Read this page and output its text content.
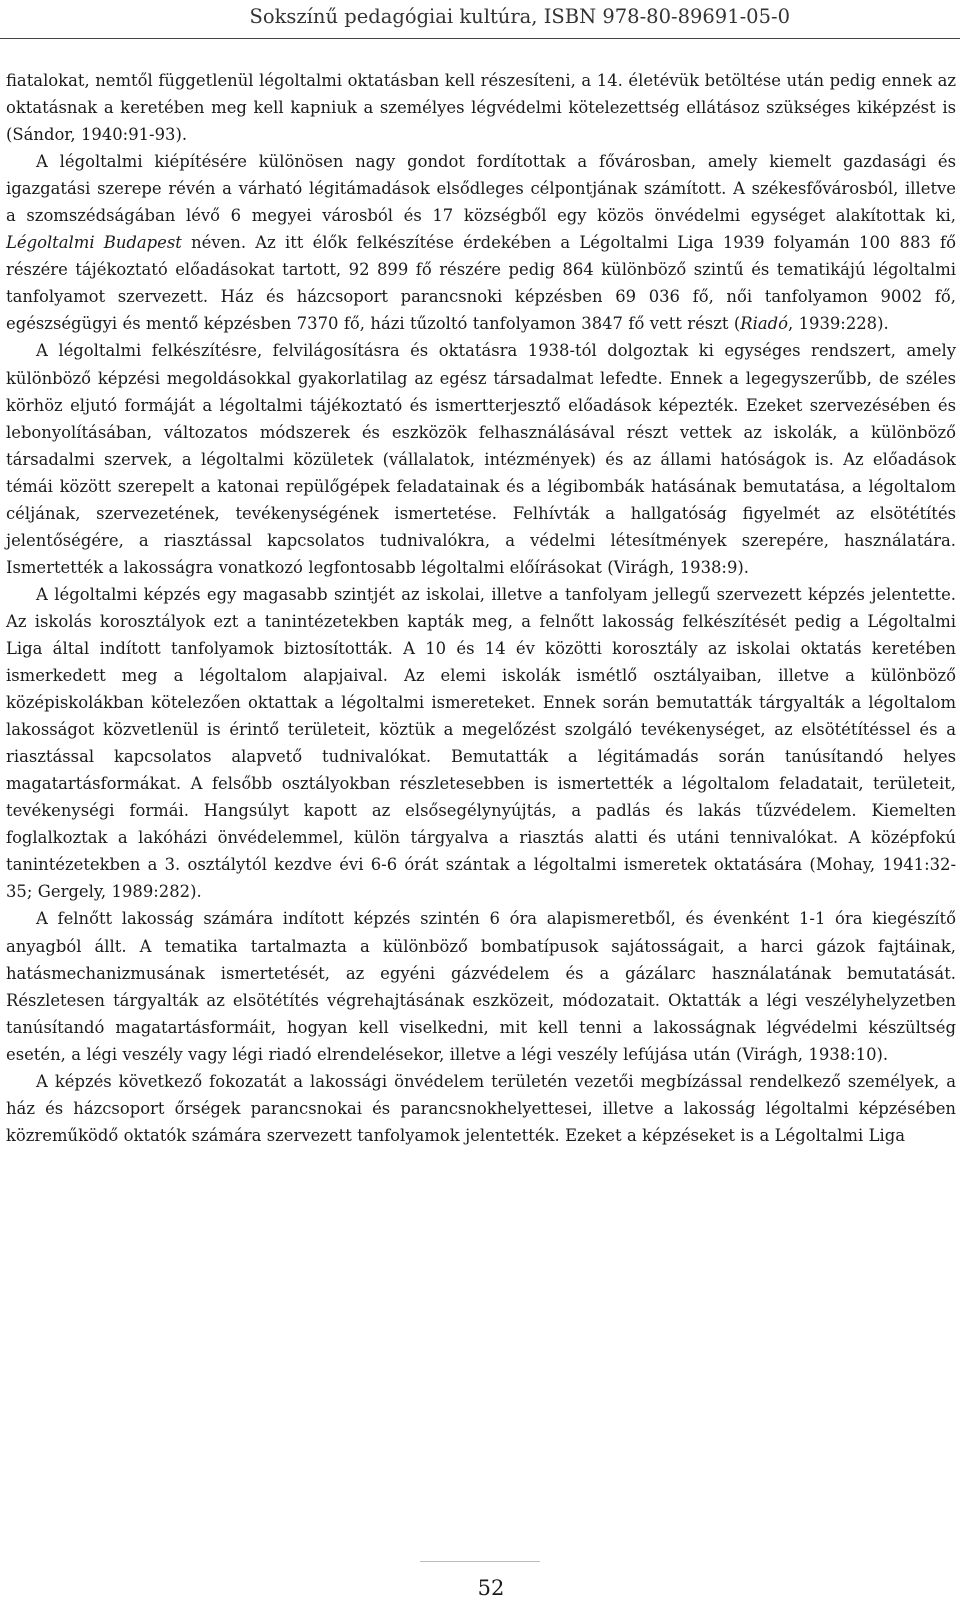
Sokszínű pedagógiai kultúra, ISBN 978-80-89691-05-0

fiatalokat, nemtől függetlenül légoltalmi oktatásban kell részesíteni, a 14. életévük betöltése után pedig ennek az oktatásnak a keretében meg kell kapniuk a személyes légvédelmi kötelezettség ellátásoz szükséges kiképzést is (Sándor, 1940:91-93).

A légoltalmi kiépítésére különösen nagy gondot fordítottak a fővárosban, amely kiemelt gazdasági és igazgatási szerepe révén a várható légitámadások elsődleges célpontjának számított. A székesfővárosból, illetve a szomszédságában lévő 6 megyei városból és 17 községből egy közös önvédelmi egységet alakítottak ki, Légoltalmi Budapest néven. Az itt élők felkészítése érdekében a Légoltalmi Liga 1939 folyamán 100 883 fő részére tájékoztató előadásokat tartott, 92 899 fő részére pedig 864 különböző szintű és tematikájú légoltalmi tanfolyamot szervezett. Ház és házcsoport parancsnoki képzésben 69 036 fő, női tanfolyamon 9002 fő, egészségügyi és mentő képzésben 7370 fő, házi tűzoltó tanfolyamon 3847 fő vett részt (Riadó, 1939:228).

A légoltalmi felkészítésre, felvilágosításra és oktatásra 1938-tól dolgoztak ki egységes rendszert, amely különböző képzési megoldásokkal gyakorlatilag az egész társadalmat lefedte. Ennek a legegyszerűbb, de széles körhöz eljutó formáját a légoltalmi tájékoztató és ismertterjesztő előadások képezték. Ezeket szervezésében és lebonyolításában, változatos módszerek és eszközök felhasználásával részt vettek az iskolák, a különböző társadalmi szervek, a légoltalmi közületek (vállalatok, intézmények) és az állami hatóságok is. Az előadások témái között szerepelt a katonai repülőgépek feladatainak és a légibombák hatásának bemutatása, a légoltalom céljának, szervezetének, tevékenységének ismertetése. Felhívták a hallgatóság figyelmét az elsötétítés jelentőségére, a riasztással kapcsolatos tudnivalókra, a védelmi létesítmények szerepére, használatára. Ismertették a lakosságra vonatkozó legfontosabb légoltalmi előírásokat (Virágh, 1938:9).

A légoltalmi képzés egy magasabb szintjét az iskolai, illetve a tanfolyam jellegű szervezett képzés jelentette. Az iskolás korosztályok ezt a tanintézetekben kapták meg, a felnőtt lakosság felkészítését pedig a Légoltalmi Liga által indított tanfolyamok biztosították. A 10 és 14 év közötti korosztály az iskolai oktatás keretében ismerkedett meg a légoltalom alapjaival. Az elemi iskolák ismétlő osztályaiban, illetve a különböző középiskolákban kötelezően oktattak a légoltalmi ismereteket. Ennek során bemutatták tárgyalták a légoltalom lakosságot közvetlenül is érintő területeit, köztük a megelőzést szolgáló tevékenységet, az elsötétítéssel és a riasztással kapcsolatos alapvető tudnivalókat. Bemutatták a légitámadás során tanúsítandó helyes magatartásformákat. A felsőbb osztályokban részletesebben is ismertették a légoltalom feladatait, területeit, tevékenységi formái. Hangsúlyt kapott az elsősegélynyújtás, a padlás és lakás tűzvédelem. Kiemelten foglalkoztak a lakóházi önvédelemmel, külön tárgyalva a riasztás alatti és utáni tennivalókat. A középfokú tanintézetekben a 3. osztálytól kezdve évi 6-6 órát szántak a légoltalmi ismeretek oktatására (Mohay, 1941:32-35; Gergely, 1989:282).

A felnőtt lakosság számára indított képzés szintén 6 óra alapismeretből, és évenként 1-1 óra kiegészítő anyagból állt. A tematika tartalmazta a különböző bombatípusok sajátosságait, a harci gázok fajtáinak, hatásmechanizmusának ismertetését, az egyéni gázvédelem és a gázálarc használatának bemutatását. Részletesen tárgyalták az elsötétítés végrehajtásának eszközeit, módozatait. Oktatták a légi veszélyhelyzetben tanúsítandó magatartásformáit, hogyan kell viselkedni, mit kell tenni a lakosságnak légvédelmi készültség esetén, a légi veszély vagy légi riadó elrendelésekor, illetve a légi veszély lefújása után (Virágh, 1938:10).

A képzés következő fokozatát a lakossági önvédelem területén vezetői megbízással rendelkező személyek, a ház és házcsoport őrségek parancsnokai és parancsnokhelyettesei, illetve a lakosság légoltalmi képzésében közreműködő oktatók számára szervezett tanfolyamok jelentették. Ezeket a képzéseket is a Légoltalmi Liga

52
